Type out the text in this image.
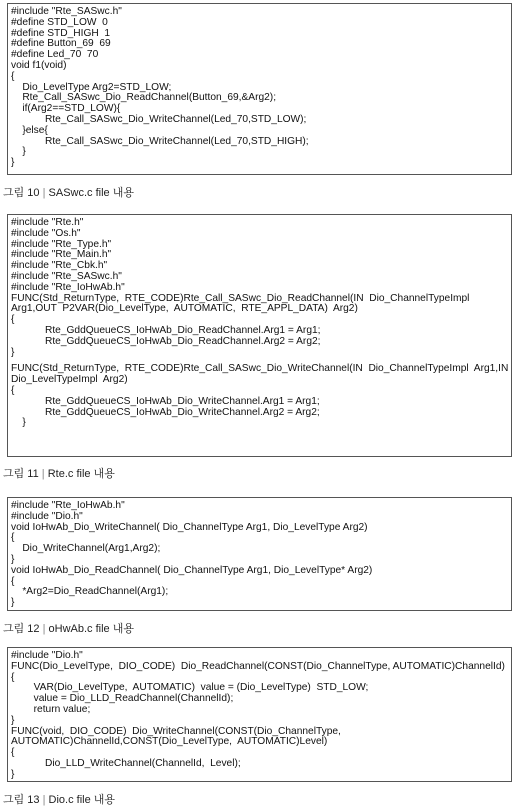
#include "Rte_SASwc.h"
#define STD_LOW  0
#define STD_HIGH  1
#define Button_69  69
#define Led_70  70
void f1(void)
{
Dio_LevelType Arg2=STD_LOW;
Rte_Call_SASwc_Dio_ReadChannel(Button_69,&Arg2);
if(Arg2==STD_LOW){
Rte_Call_SASwc_Dio_WriteChannel(Led_70,STD_LOW);
}else{
Rte_Call_SASwc_Dio_WriteChannel(Led_70,STD_HIGH);
}
}
그림 10 | SASwc.c file 내용
#include "Rte.h"
#include "Os.h"
#include "Rte_Type.h"
#include "Rte_Main.h"
#include "Rte_Cbk.h"
#include "Rte_SASwc.h"
#include "Rte_IoHwAb.h"
FUNC(Std_ReturnType,  RTE_CODE)Rte_Call_SASwc_Dio_ReadChannel(IN  Dio_ChannelTypeImpl
Arg1,OUT  P2VAR(Dio_LevelType,  AUTOMATIC,  RTE_APPL_DATA)  Arg2)
{
Rte_GddQueueCS_IoHwAb_Dio_ReadChannel.Arg1 = Arg1;
Rte_GddQueueCS_IoHwAb_Dio_ReadChannel.Arg2 = Arg2;
}
FUNC(Std_ReturnType,  RTE_CODE)Rte_Call_SASwc_Dio_WriteChannel(IN  Dio_ChannelTypeImpl  Arg1,IN
Dio_LevelTypeImpl  Arg2)
{
Rte_GddQueueCS_IoHwAb_Dio_WriteChannel.Arg1 = Arg1;
Rte_GddQueueCS_IoHwAb_Dio_WriteChannel.Arg2 = Arg2;
}
그림 11 | Rte.c file 내용
#include "Rte_IoHwAb.h"
#include "Dio.h"
void IoHwAb_Dio_WriteChannel( Dio_ChannelType Arg1, Dio_LevelType Arg2)
{
Dio_WriteChannel(Arg1,Arg2);
}
void IoHwAb_Dio_ReadChannel( Dio_ChannelType Arg1, Dio_LevelType* Arg2)
{
*Arg2=Dio_ReadChannel(Arg1);
}
그림 12 | oHwAb.c file 내용
#include "Dio.h"
FUNC(Dio_LevelType,  DIO_CODE)  Dio_ReadChannel(CONST(Dio_ChannelType, AUTOMATIC)ChannelId)
{
VAR(Dio_LevelType,  AUTOMATIC)  value = (Dio_LevelType)  STD_LOW;
value = Dio_LLD_ReadChannel(ChannelId);
return value;
}
FUNC(void,  DIO_CODE)  Dio_WriteChannel(CONST(Dio_ChannelType,
AUTOMATIC)ChannelId,CONST(Dio_LevelType,  AUTOMATIC)Level)
{
Dio_LLD_WriteChannel(ChannelId,  Level);
}
그림 13 | Dio.c file 내용
